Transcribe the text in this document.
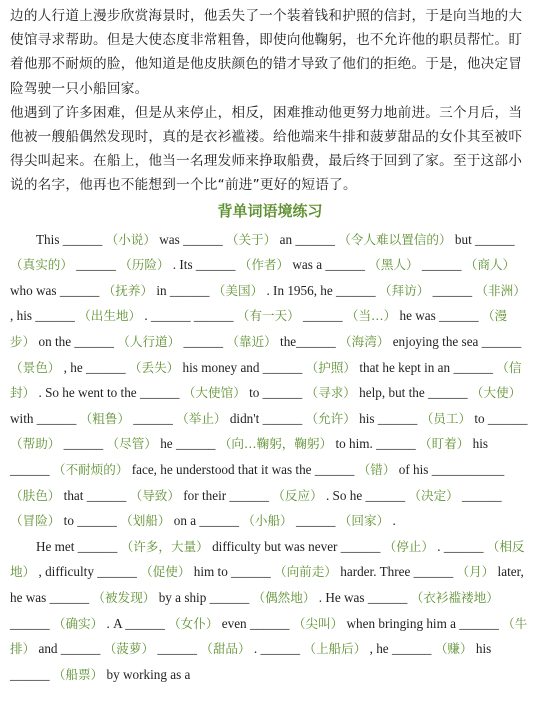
边的人行道上漫步欣赏海景时，他丢失了一个装着钱和护照的信封，于是向当地的大使馆寻求帮助。但是大使态度非常粗鲁，即使向他鞠躬，也不允许他的职员帮忙。盯着他那不耐烦的脸，他知道是他皮肤颜色的错才导致了他们的拒绝。于是，他决定冒险驾驶一只小船回家。

他遇到了许多困难，但是从来停止，相反，困难推动他更努力地前进。三个月后，当他被一艘船偶然发现时，真的是衣衫褴褛。给他端来牛排和菠萝甜品的女仆其至被吓得尖叫起来。在船上，他当一名理发师来挣取船费，最后终于回到了家。至于这部小说的名字，他再也不能想到一个比“前进”更好的短语了。

背单词语境练习

This ______ （小说） was ______ （关于） an ______ （令人难以置信的） but ______ （真实的） ______ （历险） . Its ______ （作者） was a ______ （黑人） ______ （商人） who was ______ （抚养） in ______ （美国） . In 1956, he ______ （拜访） ______ （非洲） , his ______ （出生地） . ______ ______ （有一天） ______ （当…） he was ______ （漫步） on the ______ （人行道） ______ （靠近） the______ （海湾） enjoying the sea ______ （景色） , he ______ （丢失） his money and ______ （护照） that he kept in an ______ （信封） . So he went to the ______ （大使馆） to ______ （寻求） help, but the ______ （大使） with ______ （粗鲁） ______ （举止） didn't ______ （允许） his ______ （员工） to ______ （帮助） ______ （尽管） he ______ （向…鞠躬，鞠躬） to him. ______ （盯着） his ______ （不耐烦的） face, he understood that it was the ______ （错） of his ___________ （肤色） that ______ （导致） for their ______ （反应） . So he ______ （决定） ______ （冒险） to ______ （划船） on a ______ （小船） ______ （回家） .

He met ______ （许多，大量） difficulty but was never ______ （停止） . ______ （相反地） , difficulty ______ （促使） him to ______ （向前走） harder. Three ______ （月） later, he was ______ （被发现） by a ship ______ （偶然地） . He was ______ （衣衫褴褛地） ______ （确实） . A ______ （女仆） even ______ （尖叫） when bringing him a ______ （牛排） and ______ （菠萝） ______ （甜品） . ______ （上船后） , he ______ （赚） his ______ （船票） by working as a
